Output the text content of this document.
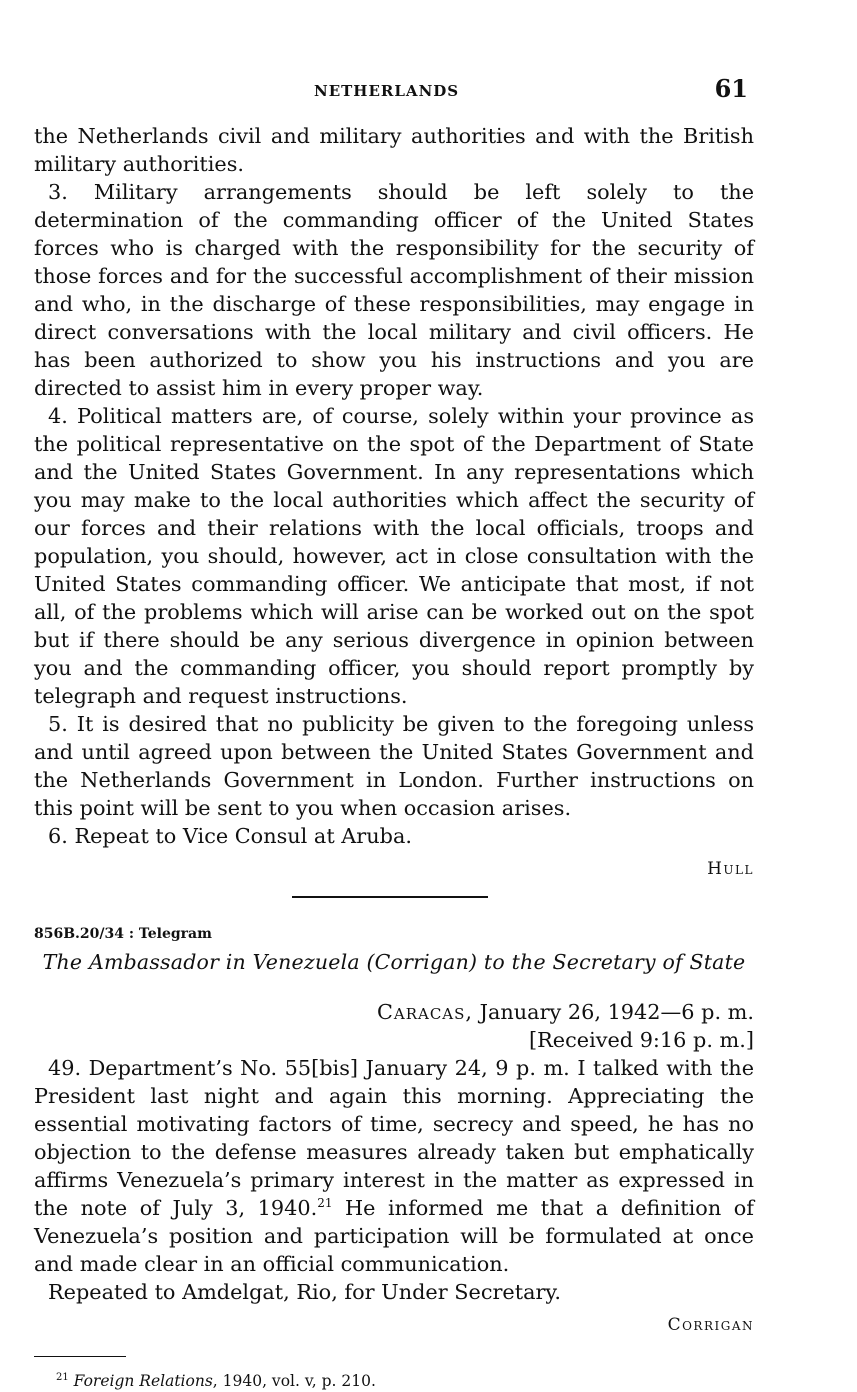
NETHERLANDS	61

the Netherlands civil and military authorities and with the British military authorities.

3. Military arrangements should be left solely to the determination of the commanding officer of the United States forces who is charged with the responsibility for the security of those forces and for the successful accomplishment of their mission and who, in the discharge of these responsibilities, may engage in direct conversations with the local military and civil officers. He has been authorized to show you his instructions and you are directed to assist him in every proper way.

4. Political matters are, of course, solely within your province as the political representative on the spot of the Department of State and the United States Government. In any representations which you may make to the local authorities which affect the security of our forces and their relations with the local officials, troops and population, you should, however, act in close consultation with the United States commanding officer. We anticipate that most, if not all, of the problems which will arise can be worked out on the spot but if there should be any serious divergence in opinion between you and the commanding officer, you should report promptly by telegraph and request instructions.

5. It is desired that no publicity be given to the foregoing unless and until agreed upon between the United States Government and the Netherlands Government in London. Further instructions on this point will be sent to you when occasion arises.

6. Repeat to Vice Consul at Aruba.

Hull
856B.20/34 : Telegram
The Ambassador in Venezuela (Corrigan) to the Secretary of State
Caracas, January 26, 1942—6 p. m.
[Received 9:16 p. m.]

49. Department’s No. 55[bis] January 24, 9 p. m. I talked with the President last night and again this morning. Appreciating the essential motivating factors of time, secrecy and speed, he has no objection to the defense measures already taken but emphatically affirms Venezuela’s primary interest in the matter as expressed in the note of July 3, 1940.21 He informed me that a definition of Venezuela’s position and participation will be formulated at once and made clear in an official communication.

Repeated to Amdelgat, Rio, for Under Secretary.

Corrigan
$^{21}$ Foreign Relations, 1940, vol. v, p. 210.
